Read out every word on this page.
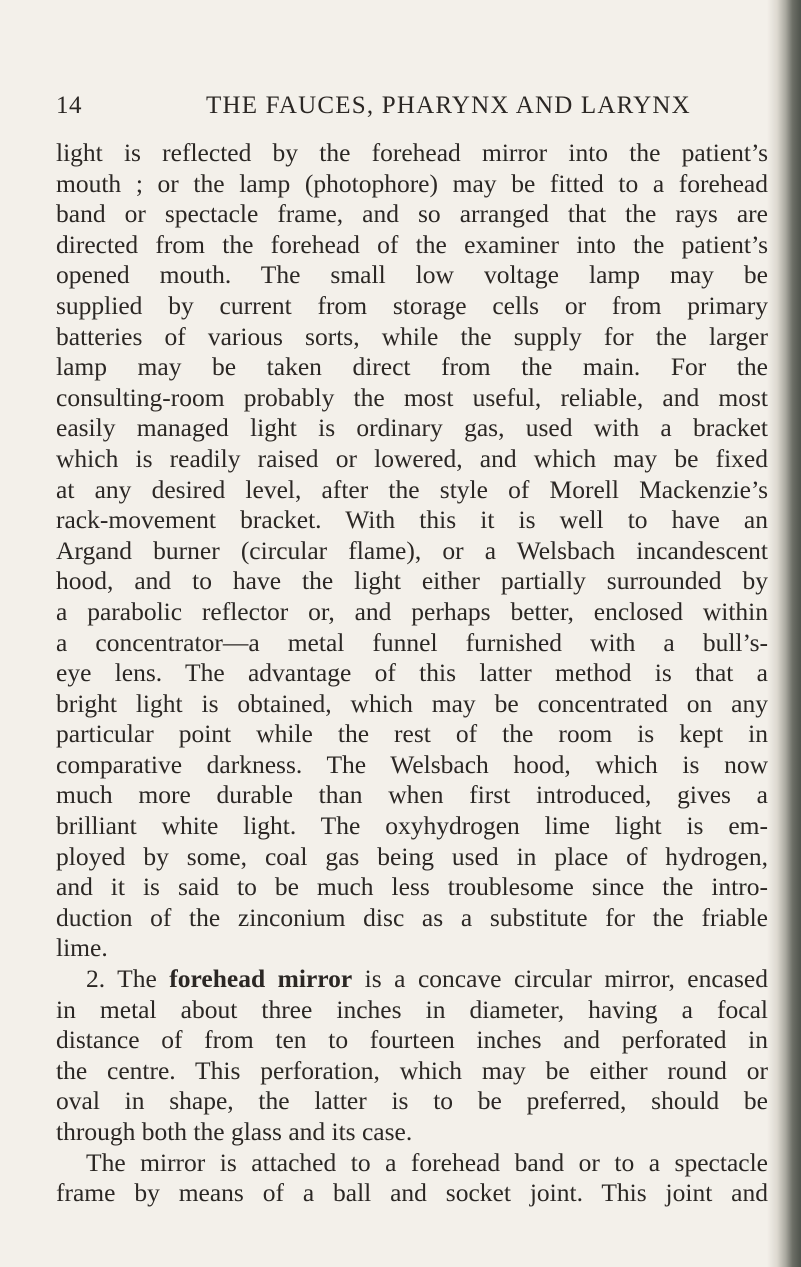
14	THE FAUCES, PHARYNX AND LARYNX
light is reflected by the forehead mirror into the patient’s
mouth ; or the lamp (photophore) may be fitted to a forehead
band or spectacle frame, and so arranged that the rays are
directed from the forehead of the examiner into the patient’s
opened mouth. The small low voltage lamp may be
supplied by current from storage cells or from primary
batteries of various sorts, while the supply for the larger
lamp may be taken direct from the main. For the
consulting-room probably the most useful, reliable, and most
easily managed light is ordinary gas, used with a bracket
which is readily raised or lowered, and which may be fixed
at any desired level, after the style of Morell Mackenzie’s
rack-movement bracket. With this it is well to have an
Argand burner (circular flame), or a Welsbach incandescent
hood, and to have the light either partially surrounded by
a parabolic reflector or, and perhaps better, enclosed within
a concentrator—a metal funnel furnished with a bull’s-
eye lens. The advantage of this latter method is that a
bright light is obtained, which may be concentrated on any
particular point while the rest of the room is kept in
comparative darkness. The Welsbach hood, which is now
much more durable than when first introduced, gives a
brilliant white light. The oxyhydrogen lime light is em-
ployed by some, coal gas being used in place of hydrogen,
and it is said to be much less troublesome since the intro-
duction of the zinconium disc as a substitute for the friable
lime.
2. The forehead mirror is a concave circular mirror, encased
in metal about three inches in diameter, having a focal
distance of from ten to fourteen inches and perforated in
the centre. This perforation, which may be either round or
oval in shape, the latter is to be preferred, should be
through both the glass and its case.
The mirror is attached to a forehead band or to a spectacle
frame by means of a ball and socket joint. This joint and
